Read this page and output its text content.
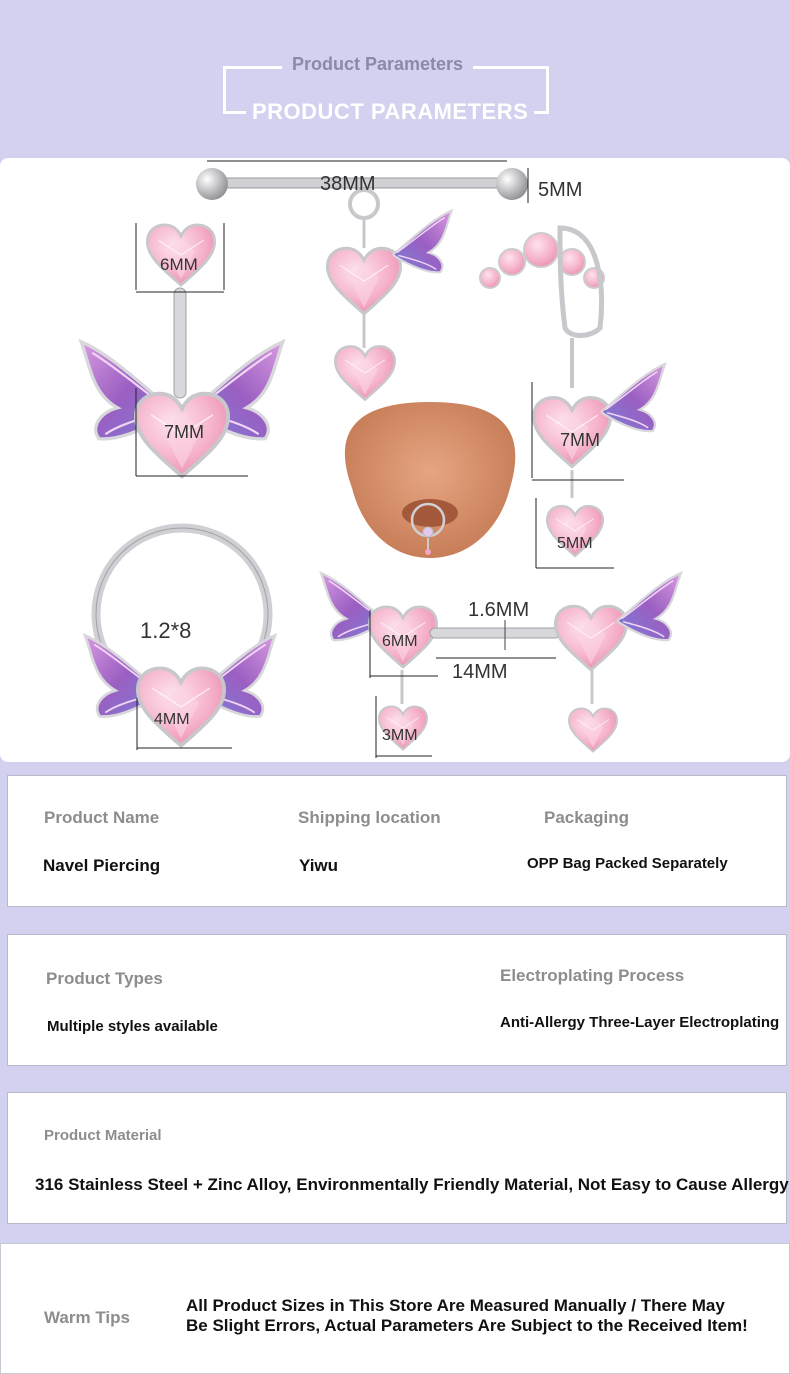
Product Parameters
PRODUCT PARAMETERS
38MM	5MM
6MM
7MM	7MM
5MM
1.2*8
4MM
1.6MM
14MM
6MM
3MM
Product Name	Shipping location	Packaging
Navel Piercing	Yiwu	OPP Bag Packed Separately
Product Types	Electroplating Process
Multiple styles available	Anti-Allergy Three-Layer Electroplating
Product Material
316 Stainless Steel + Zinc Alloy, Environmentally Friendly Material, Not Easy to Cause Allergy
Warm Tips
All Product Sizes in This Store Are Measured Manually / There May
Be Slight Errors, Actual Parameters Are Subject to the Received Item!
